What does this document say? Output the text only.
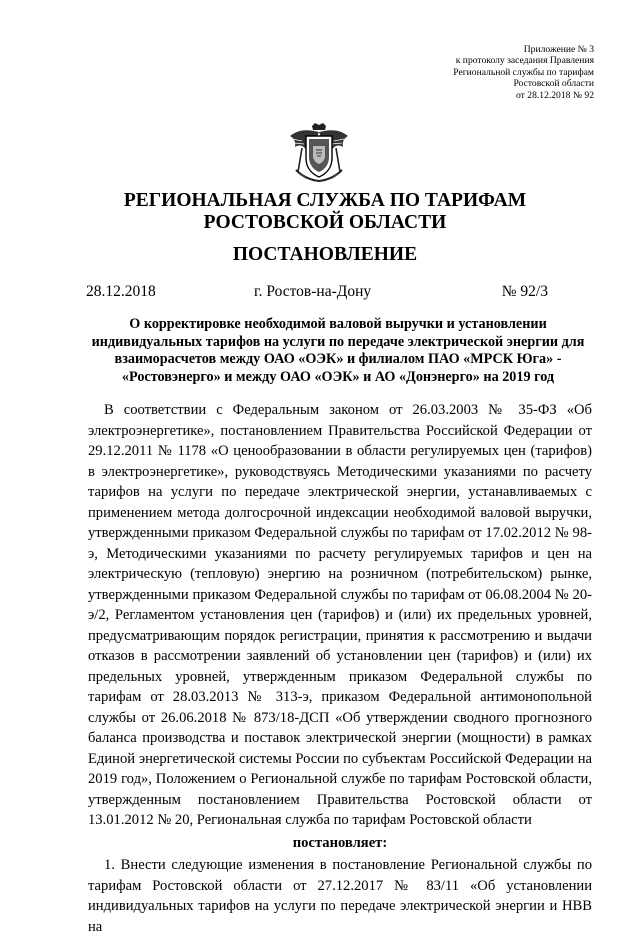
Приложение № 3
к протоколу заседания Правления
Региональной службы по тарифам
Ростовской области
от 28.12.2018 № 92
РЕГИОНАЛЬНАЯ СЛУЖБА ПО ТАРИФАМ
РОСТОВСКОЙ ОБЛАСТИ
ПОСТАНОВЛЕНИЕ
28.12.2018	г. Ростов-на-Дону	№ 92/3
О корректировке необходимой валовой выручки и установлении индивидуальных тарифов на услуги по передаче электрической энергии для взаиморасчетов между ОАО «ОЭК» и филиалом ПАО «МРСК Юга» - «Ростовэнерго» и между ОАО «ОЭК» и АО «Донэнерго» на 2019 год

В соответствии с Федеральным законом от 26.03.2003 № 35-ФЗ «Об электроэнергетике», постановлением Правительства Российской Федерации от 29.12.2011 № 1178 «О ценообразовании в области регулируемых цен (тарифов) в электроэнергетике», руководствуясь Методическими указаниями по расчету тарифов на услуги по передаче электрической энергии, устанавливаемых с применением метода долгосрочной индексации необходимой валовой выручки, утвержденными приказом Федеральной службы по тарифам от 17.02.2012 № 98-э, Методическими указаниями по расчету регулируемых тарифов и цен на электрическую (тепловую) энергию на розничном (потребительском) рынке, утвержденными приказом Федеральной службы по тарифам от 06.08.2004 № 20-э/2, Регламентом установления цен (тарифов) и (или) их предельных уровней, предусматривающим порядок регистрации, принятия к рассмотрению и выдачи отказов в рассмотрении заявлений об установлении цен (тарифов) и (или) их предельных уровней, утвержденным приказом Федеральной службы по тарифам от 28.03.2013 № 313-э, приказом Федеральной антимонопольной службы от 26.06.2018 № 873/18-ДСП «Об утверждении сводного прогнозного баланса производства и поставок электрической энергии (мощности) в рамках Единой энергетической системы России по субъектам Российской Федерации на 2019 год», Положением о Региональной службе по тарифам Ростовской области, утвержденным постановлением Правительства Ростовской области от 13.01.2012 № 20, Региональная служба по тарифам Ростовской области

постановляет:

1. Внести следующие изменения в постановление Региональной службы по тарифам Ростовской области от 27.12.2017 № 83/11 «Об установлении индивидуальных тарифов на услуги по передаче электрической энергии и НВВ на
